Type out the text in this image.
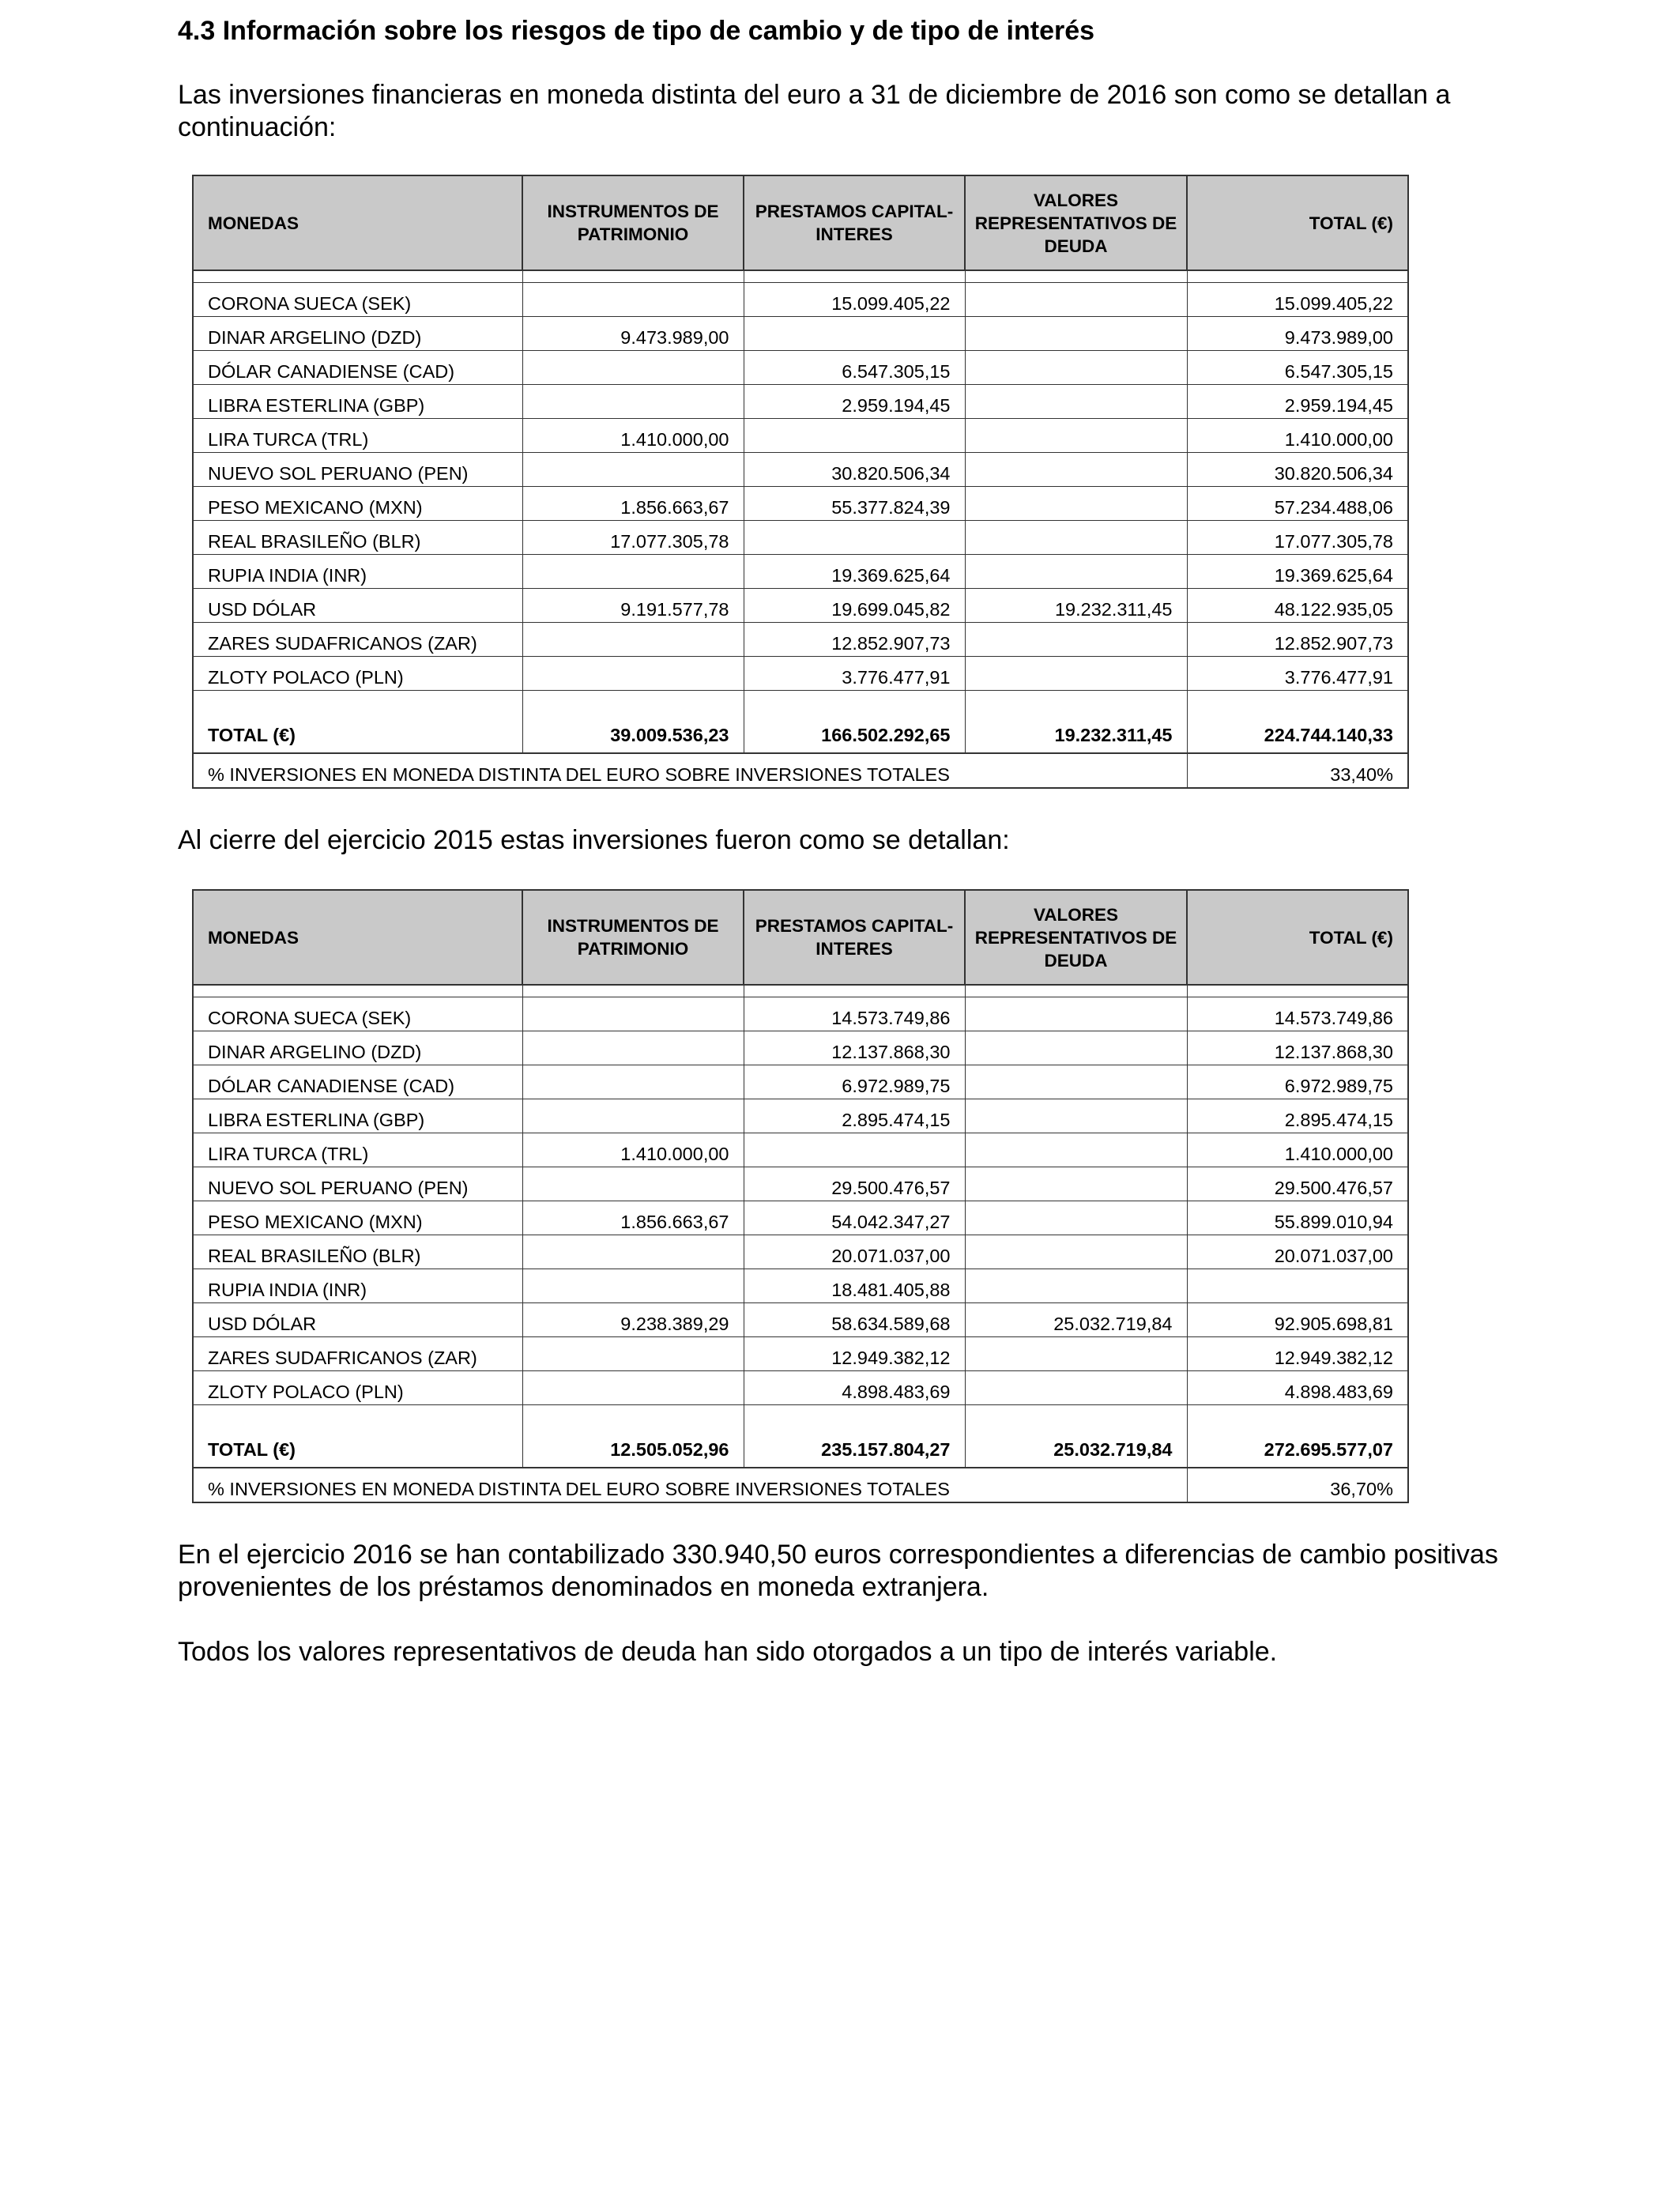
4.3 Información sobre los riesgos de tipo de cambio y de tipo de interés

Las inversiones financieras en moneda distinta del euro a 31 de diciembre de 2016 son como se detallan a continuación:

MONEDAS	INSTRUMENTOS DE PATRIMONIO	PRESTAMOS CAPITAL-INTERES	VALORES REPRESENTATIVOS DE DEUDA	TOTAL (€)

CORONA SUECA (SEK)		15.099.405,22		15.099.405,22
DINAR ARGELINO (DZD)	9.473.989,00			9.473.989,00
DÓLAR CANADIENSE (CAD)		6.547.305,15		6.547.305,15
LIBRA ESTERLINA (GBP)		2.959.194,45		2.959.194,45
LIRA TURCA (TRL)	1.410.000,00			1.410.000,00
NUEVO SOL PERUANO (PEN)		30.820.506,34		30.820.506,34
PESO MEXICANO (MXN)	1.856.663,67	55.377.824,39		57.234.488,06
REAL BRASILEÑO (BLR)	17.077.305,78			17.077.305,78
RUPIA INDIA (INR)		19.369.625,64		19.369.625,64
USD DÓLAR	9.191.577,78	19.699.045,82	19.232.311,45	48.122.935,05
ZARES SUDAFRICANOS (ZAR)		12.852.907,73		12.852.907,73
ZLOTY POLACO (PLN)		3.776.477,91		3.776.477,91
TOTAL (€)	39.009.536,23	166.502.292,65	19.232.311,45	224.744.140,33
% INVERSIONES EN MONEDA DISTINTA DEL EURO SOBRE INVERSIONES TOTALES				33,40%

Al cierre del ejercicio 2015 estas inversiones fueron como se detallan:

MONEDAS	INSTRUMENTOS DE PATRIMONIO	PRESTAMOS CAPITAL-INTERES	VALORES REPRESENTATIVOS DE DEUDA	TOTAL (€)

CORONA SUECA (SEK)		14.573.749,86		14.573.749,86
DINAR ARGELINO (DZD)		12.137.868,30		12.137.868,30
DÓLAR CANADIENSE (CAD)		6.972.989,75		6.972.989,75
LIBRA ESTERLINA (GBP)		2.895.474,15		2.895.474,15
LIRA TURCA (TRL)	1.410.000,00			1.410.000,00
NUEVO SOL PERUANO (PEN)		29.500.476,57		29.500.476,57
PESO MEXICANO (MXN)	1.856.663,67	54.042.347,27		55.899.010,94
REAL BRASILEÑO (BLR)		20.071.037,00		20.071.037,00
RUPIA INDIA (INR)		18.481.405,88		
USD DÓLAR	9.238.389,29	58.634.589,68	25.032.719,84	92.905.698,81
ZARES SUDAFRICANOS (ZAR)		12.949.382,12		12.949.382,12
ZLOTY POLACO (PLN)		4.898.483,69		4.898.483,69
TOTAL (€)	12.505.052,96	235.157.804,27	25.032.719,84	272.695.577,07
% INVERSIONES EN MONEDA DISTINTA DEL EURO SOBRE INVERSIONES TOTALES				36,70%

En el ejercicio 2016 se han contabilizado 330.940,50 euros correspondientes a diferencias de cambio positivas provenientes de los préstamos denominados en moneda extranjera.

Todos los valores representativos de deuda han sido otorgados a un tipo de interés variable.
